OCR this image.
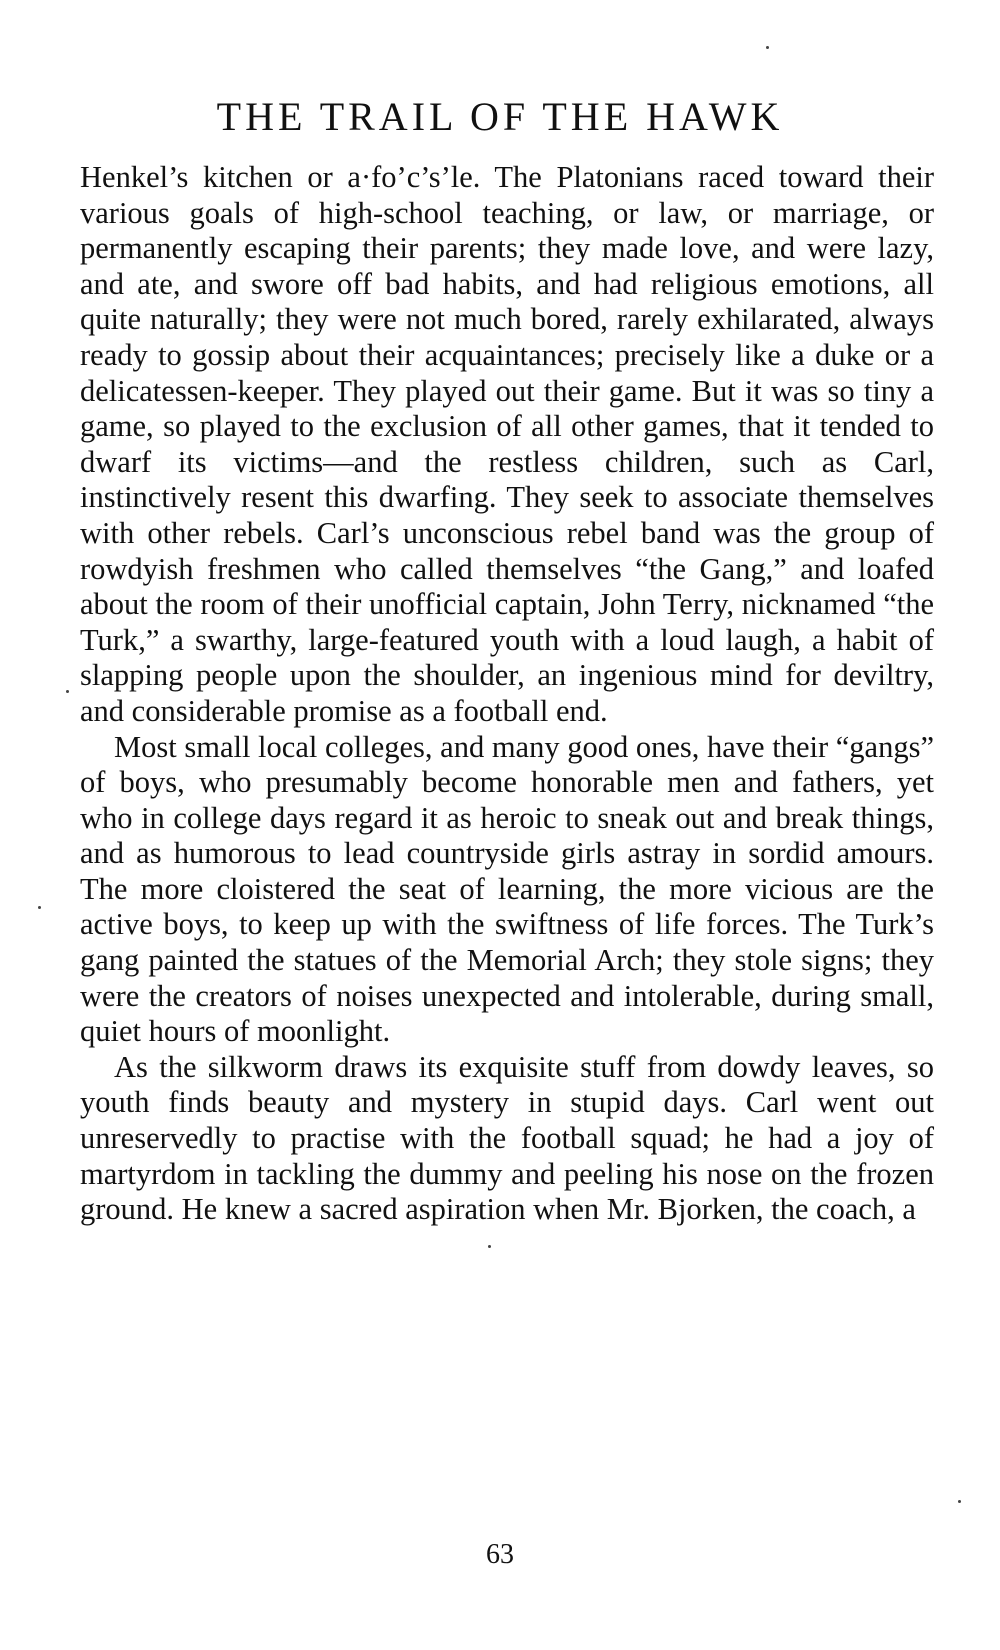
THE TRAIL OF THE HAWK

Henkel’s kitchen or a·fo’c’s’le. The Platonians raced toward their various goals of high-school teaching, or law, or marriage, or permanently escaping their parents; they made love, and were lazy, and ate, and swore off bad habits, and had religious emotions, all quite naturally; they were not much bored, rarely exhilarated, always ready to gossip about their acquaintances; precisely like a duke or a delicatessen-keeper. They played out their game. But it was so tiny a game, so played to the exclusion of all other games, that it tended to dwarf its victims—and the restless children, such as Carl, instinctively resent this dwarfing. They seek to associate themselves with other rebels. Carl’s unconscious rebel band was the group of rowdyish freshmen who called themselves “the Gang,” and loafed about the room of their unofficial captain, John Terry, nicknamed “the Turk,” a swarthy, large-featured youth with a loud laugh, a habit of slapping people upon the shoulder, an ingenious mind for deviltry, and considerable promise as a football end.

Most small local colleges, and many good ones, have their “gangs” of boys, who presumably become honorable men and fathers, yet who in college days regard it as heroic to sneak out and break things, and as humorous to lead countryside girls astray in sordid amours. The more cloistered the seat of learning, the more vicious are the active boys, to keep up with the swiftness of life forces. The Turk’s gang painted the statues of the Memorial Arch; they stole signs; they were the creators of noises unexpected and intolerable, during small, quiet hours of moonlight.

As the silkworm draws its exquisite stuff from dowdy leaves, so youth finds beauty and mystery in stupid days. Carl went out unreservedly to practise with the football squad; he had a joy of martyrdom in tackling the dummy and peeling his nose on the frozen ground. He knew a sacred aspiration when Mr. Bjorken, the coach, a

63
